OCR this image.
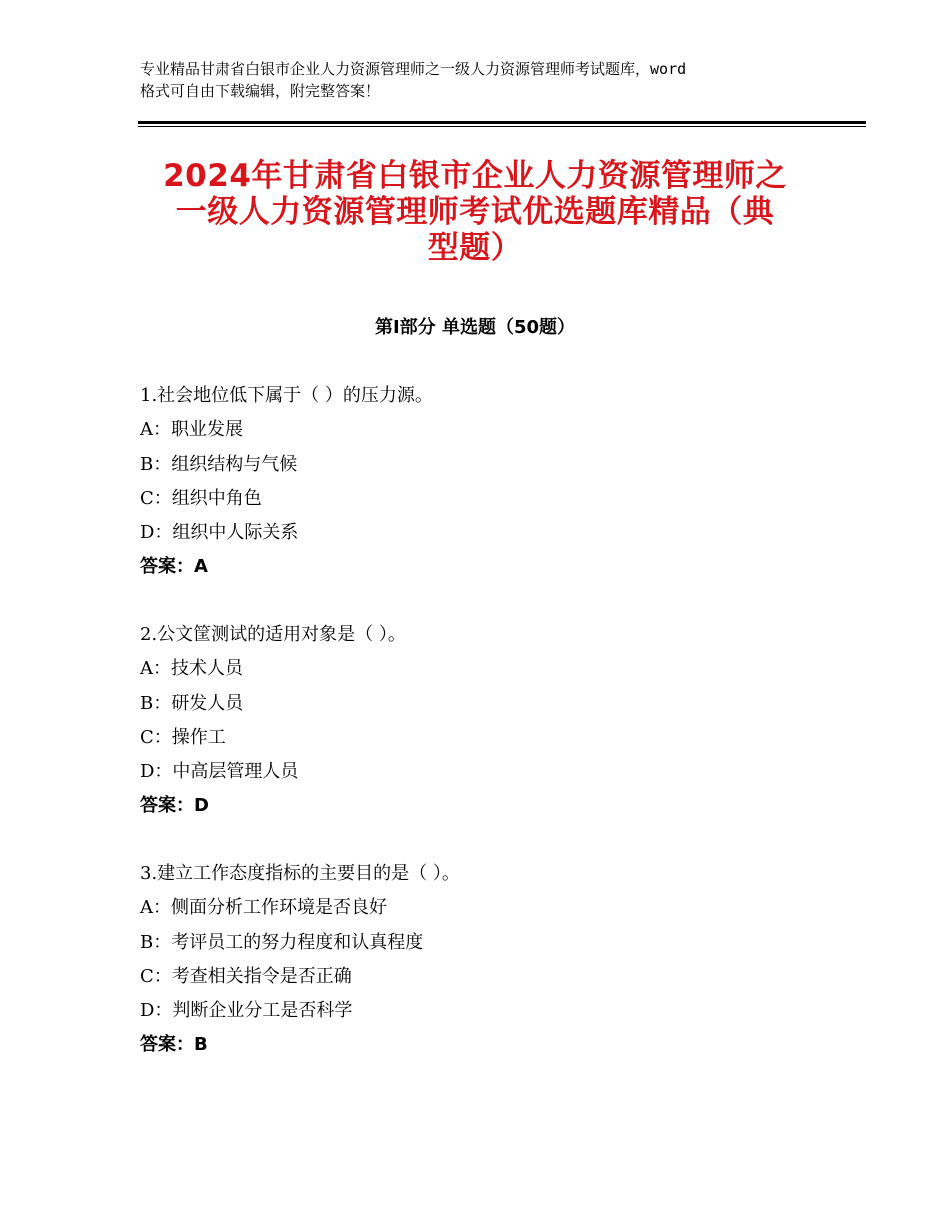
专业精品甘肃省白银市企业人力资源管理师之一级人力资源管理师考试题库，word
格式可自由下载编辑，附完整答案！
2024年甘肃省白银市企业人力资源管理师之
一级人力资源管理师考试优选题库精品（典
型题）
第Ⅰ部分 单选题（50题）
1.社会地位低下属于（ ）的压力源。
A：职业发展
B：组织结构与气候
C：组织中角色
D：组织中人际关系
答案：A
2.公文筐测试的适用对象是（ ）。
A：技术人员
B：研发人员
C：操作工
D：中高层管理人员
答案：D
3.建立工作态度指标的主要目的是（ ）。
A：侧面分析工作环境是否良好
B：考评员工的努力程度和认真程度
C：考查相关指令是否正确
D：判断企业分工是否科学
答案：B
